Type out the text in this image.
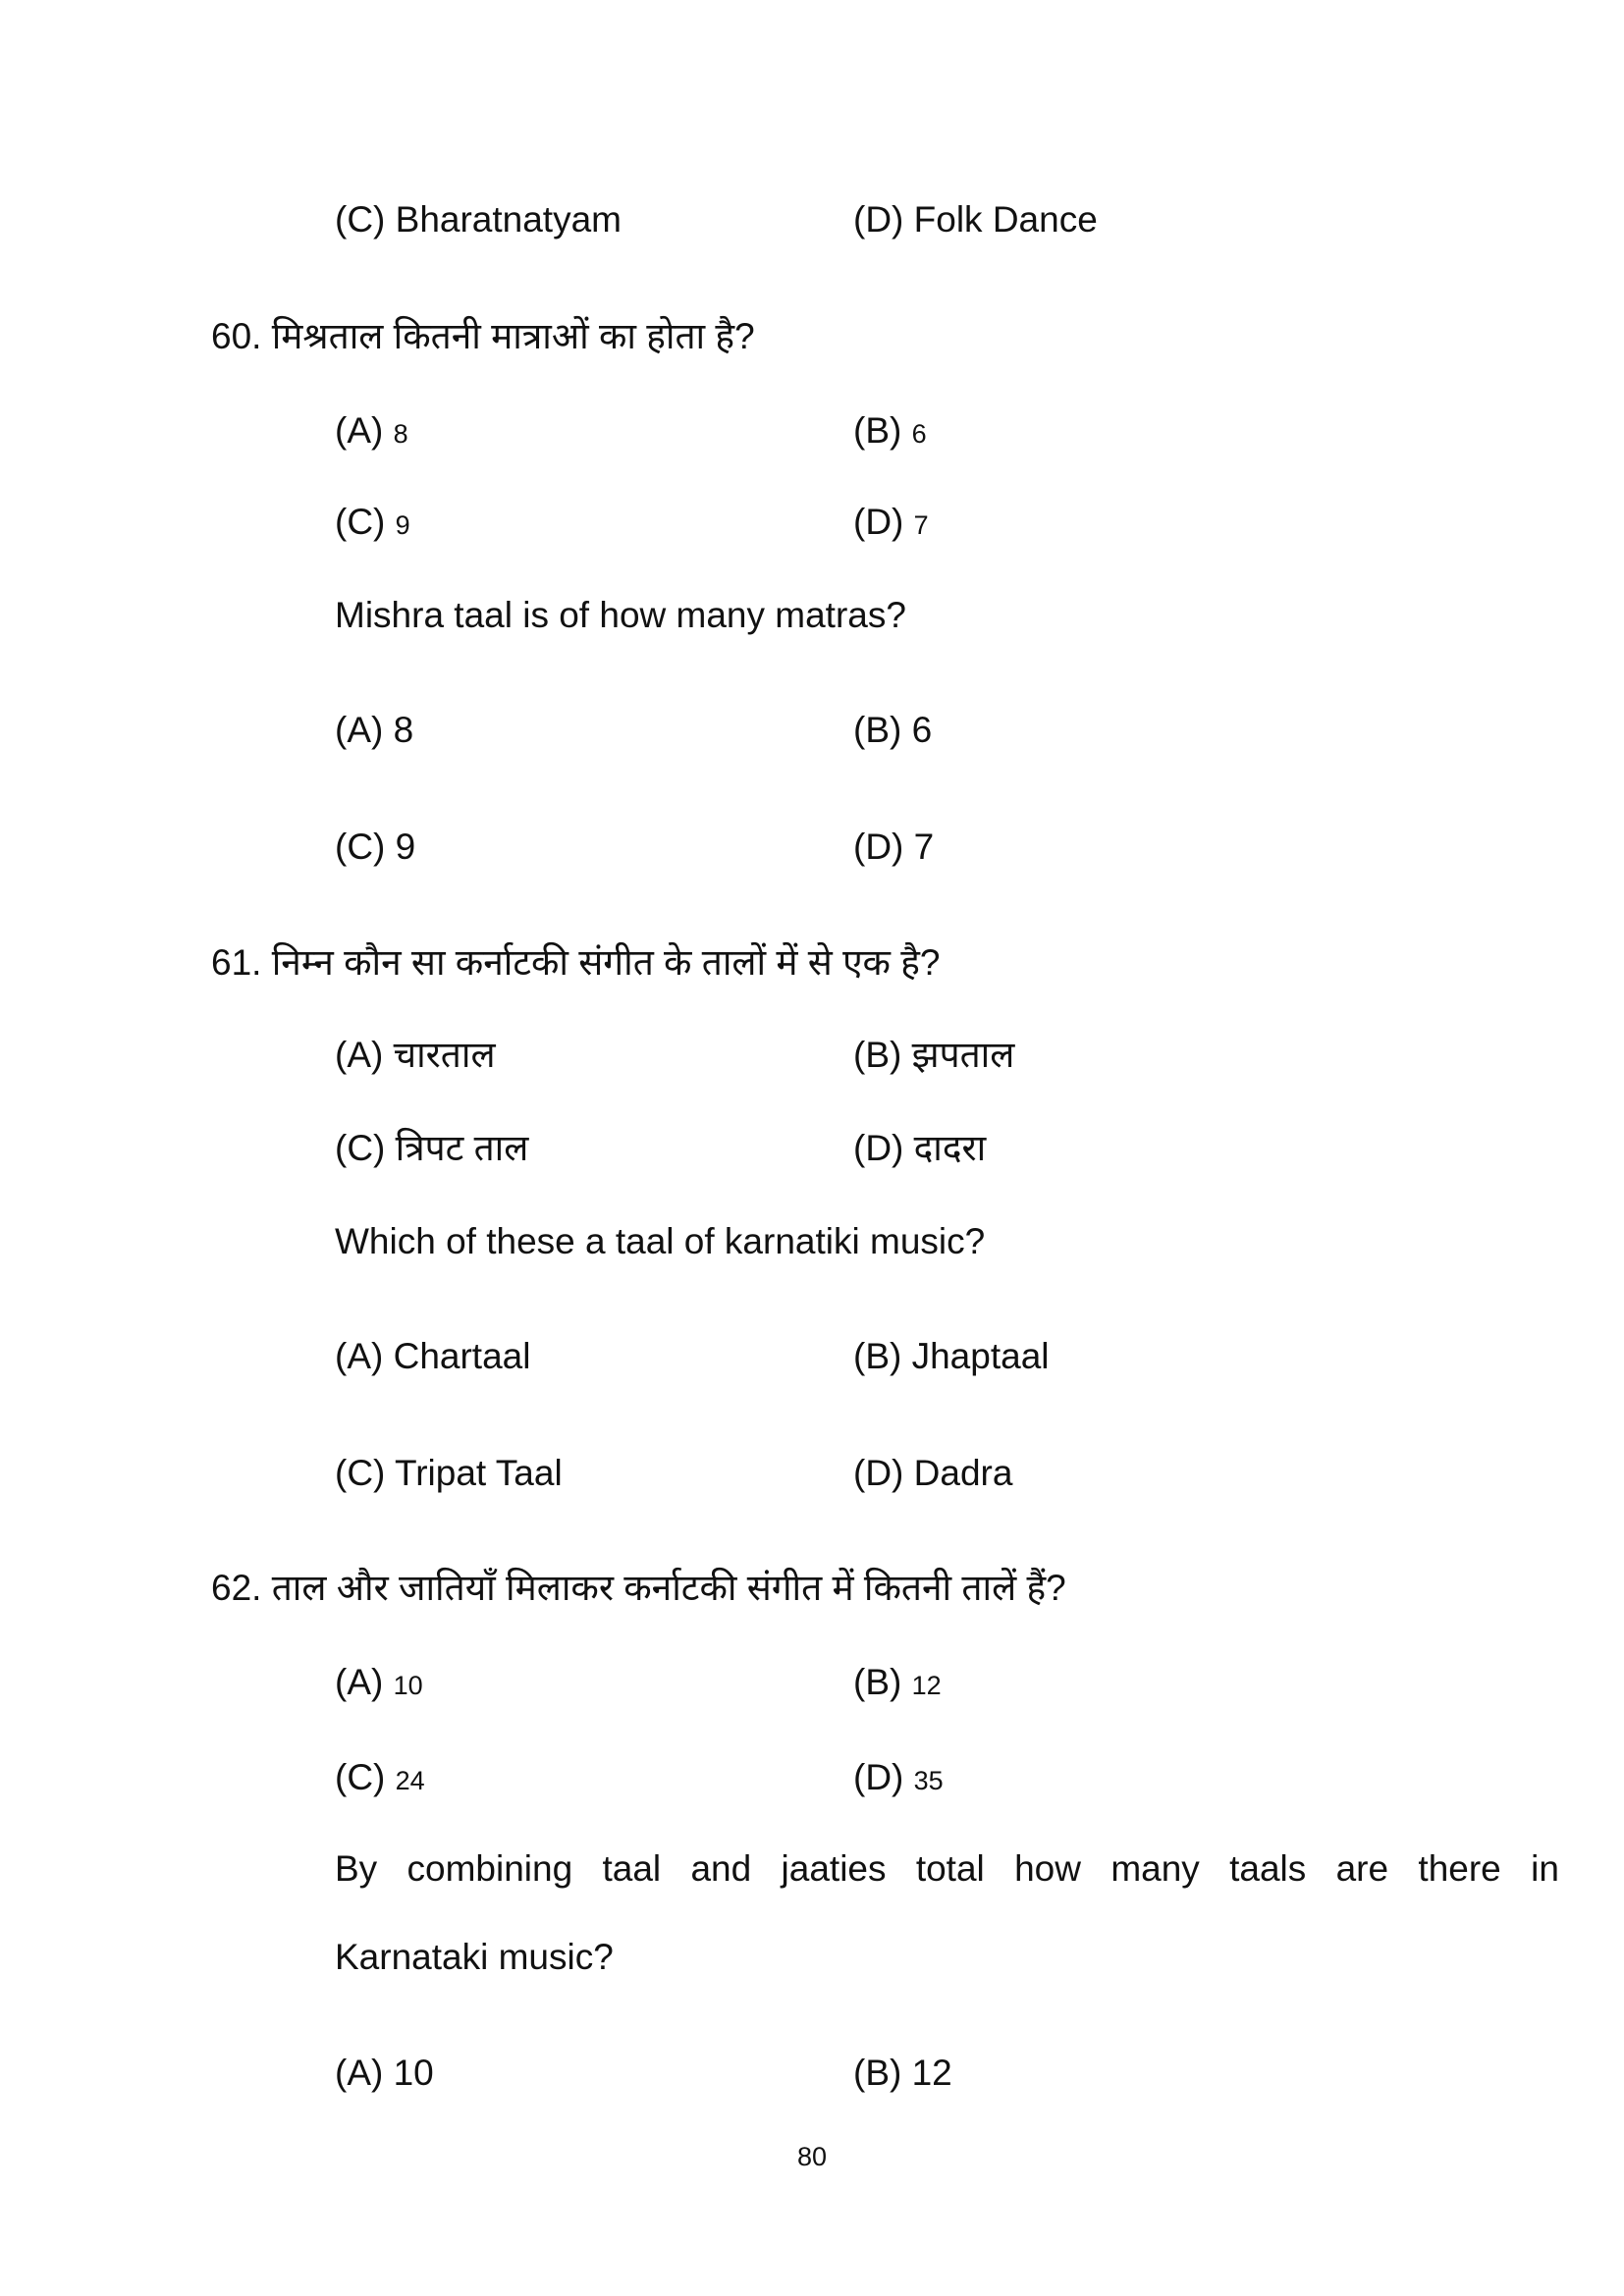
(C) Bharatnatyam	(D) Folk Dance
60. मिश्रताल कितनी मात्राओं का होता है?
(A) 8	(B) 6
(C) 9	(D) 7
Mishra taal is of how many matras?
(A) 8	(B) 6
(C) 9	(D) 7
61. निम्न कौन सा कर्नाटकी संगीत के तालों में से एक है?
(A) चारताल	(B) झपताल
(C) त्रिपट ताल	(D) दादरा
Which of these a taal of karnatiki music?
(A) Chartaal	(B) Jhaptaal
(C) Tripat Taal	(D) Dadra
62. ताल और जातियाँ मिलाकर कर्नाटकी संगीत में कितनी तालें हैं?
(A) 10	(B) 12
(C) 24	(D) 35
By combining taal and jaaties total how many taals are there in
Karnataki music?
(A) 10	(B) 12
80
